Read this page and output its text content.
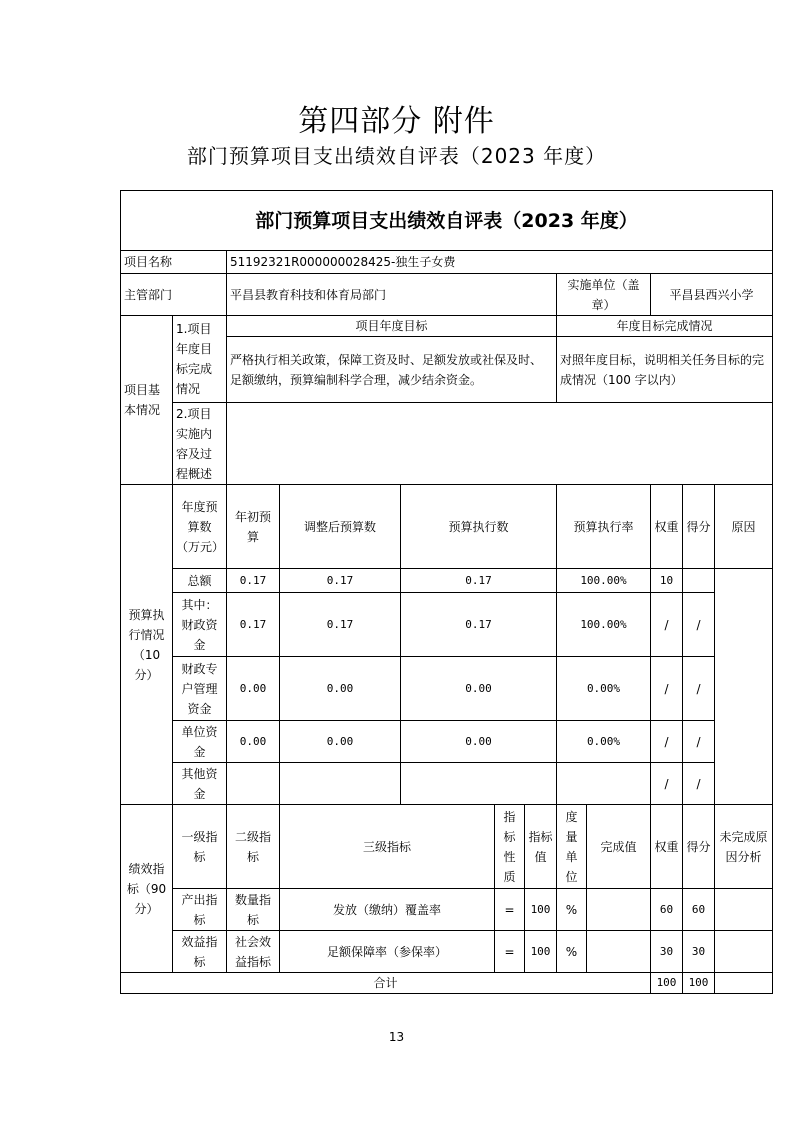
第四部分 附件
部门预算项目支出绩效自评表（2023 年度）
部门预算项目支出绩效自评表（2023 年度）											
项目名称		51192321R000000028425-独生子女费									
主管部门		平昌县教育科技和体育局部门					实施单位（盖章）		平昌县西兴小学		
项目基本情况	1.项目年度目标完成情况	项目年度目标					年度目标完成情况				
		严格执行相关政策，保障工资及时、足额发放或社保及时、足额缴纳，预算编制科学合理，减少结余资金。					对照年度目标，说明相关任务目标的完成情况（100 字以内）				
	2.项目实施内容及过程概述										

预算执行情况（10分）	年度预算数（万元）	年初预算	调整后预算数	预算执行数			预算执行率		权重	得分	原因
	总额	0.17	0.17	0.17			100.00%		10		
	其中：财政资金	0.17	0.17	0.17			100.00%		/	/	
	财政专户管理资金	0.00	0.00	0.00			0.00%		/	/	
	单位资金	0.00	0.00	0.00			0.00%		/	/	
	其他资金								/	/	
绩效指标（90分）	一级指标	二级指标	三级指标		指标性质	指标值	度量单位	完成值	权重	得分	未完成原因分析
	产出指标	数量指标	发放（缴纳）覆盖率		=	100	%		60	60	
	效益指标	社会效益指标	足额保障率（参保率）		=	100	%		30	30	
合计									100	100	
13
